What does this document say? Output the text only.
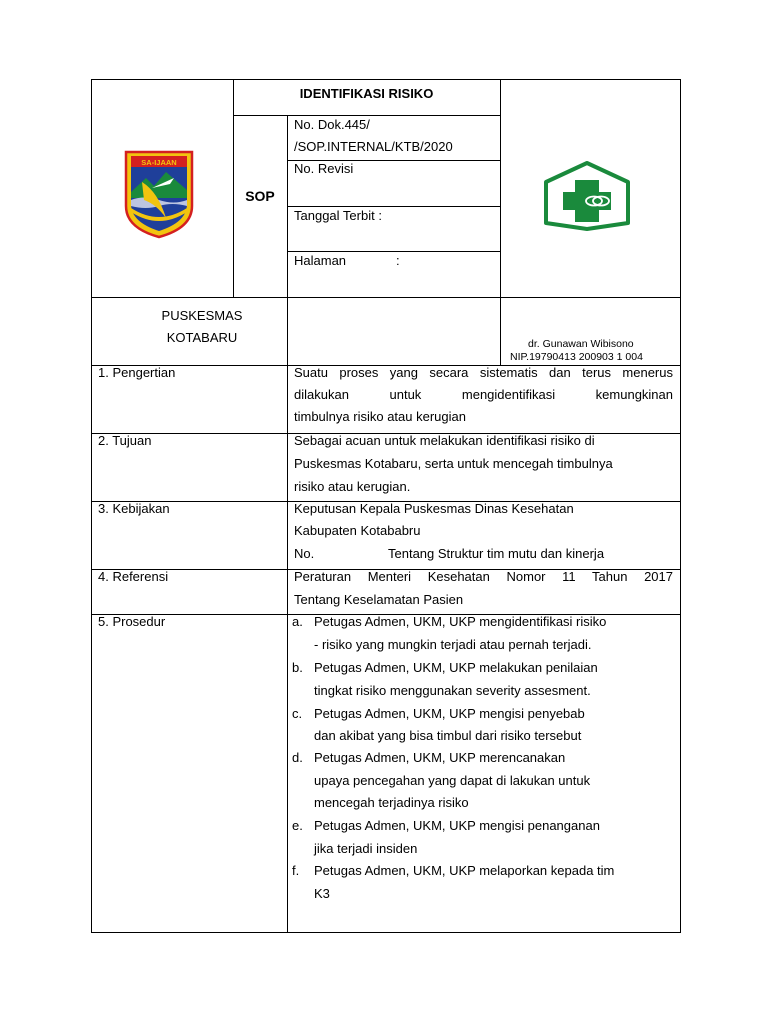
SA-IJAAN
IDENTIFIKASI RISIKO
SOP
No. Dok.445/
/SOP.INTERNAL/KTB/2020
No. Revisi
Tanggal Terbit :
Halaman	:
PUSKESMAS
KOTABARU	dr. Gunawan Wibisono
NIP.19790413 200903 1 004
1. Pengertian	Suatu proses yang secara sistematis dan terus menerus
dilakukan untuk mengidentifikasi kemungkinan
timbulnya risiko atau kerugian
2. Tujuan	Sebagai acuan untuk melakukan identifikasi risiko di
Puskesmas Kotabaru, serta untuk mencegah timbulnya
risiko atau kerugian.
3. Kebijakan	Keputusan Kepala Puskesmas Dinas Kesehatan
Kabupaten Kotababru
No.	Tentang Struktur tim mutu dan kinerja
4. Referensi	Peraturan Menteri Kesehatan Nomor 11 Tahun 2017
Tentang Keselamatan Pasien
5. Prosedur	a. Petugas Admen, UKM, UKP mengidentifikasi risiko
- risiko yang mungkin terjadi atau pernah terjadi.
b. Petugas Admen, UKM, UKP melakukan penilaian
tingkat risiko menggunakan severity assesment.
c. Petugas Admen, UKM, UKP mengisi penyebab
dan akibat yang bisa timbul dari risiko tersebut
d. Petugas Admen, UKM, UKP merencanakan
upaya pencegahan yang dapat di lakukan untuk
mencegah terjadinya risiko
e. Petugas Admen, UKM, UKP mengisi penanganan
jika terjadi insiden
f. Petugas Admen, UKM, UKP melaporkan kepada tim
K3
